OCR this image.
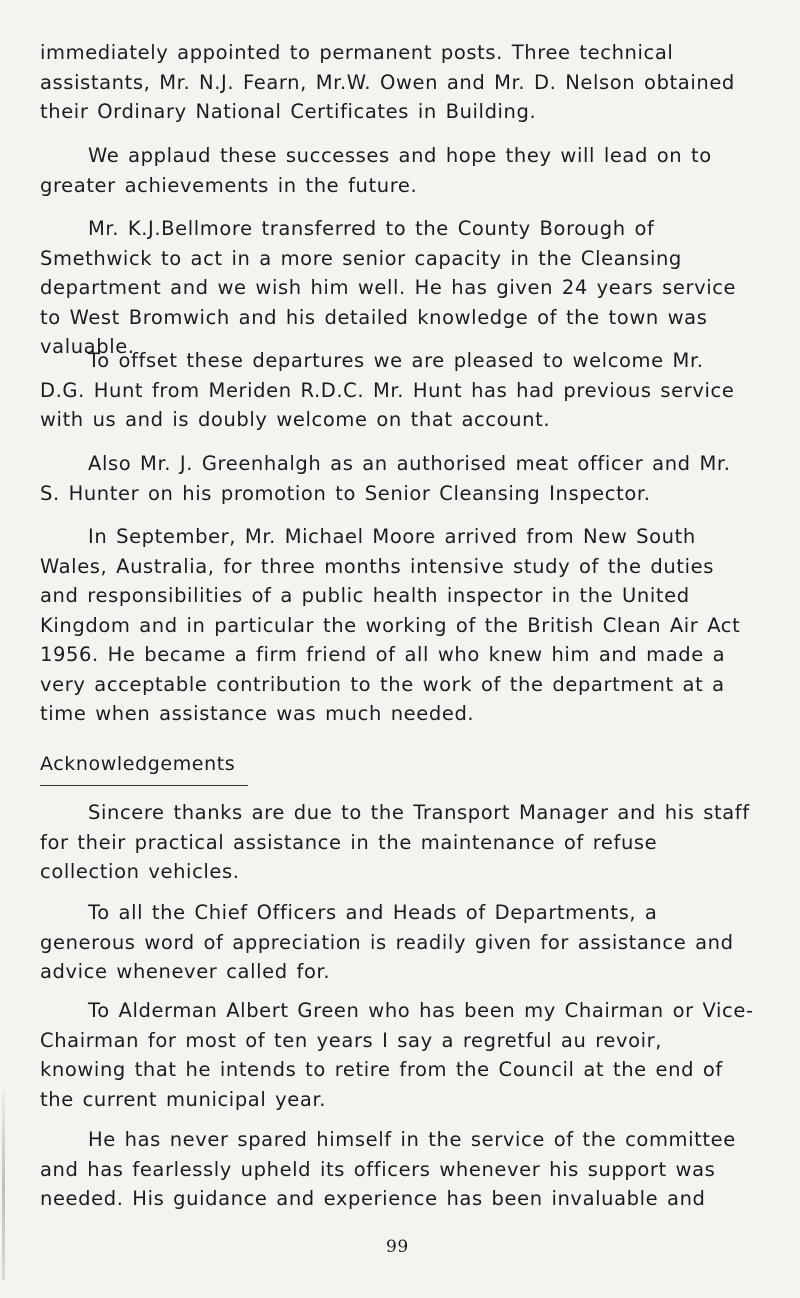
immediately appointed to permanent posts. Three technical assistants, Mr. N.J. Fearn, Mr.W. Owen and Mr. D. Nelson obtained their Ordinary National Certificates in Building.

We applaud these successes and hope they will lead on to greater achievements in the future.

Mr. K.J.Bellmore transferred to the County Borough of Smethwick to act in a more senior capacity in the Cleansing department and we wish him well. He has given 24 years service to West Bromwich and his detailed knowledge of the town was valuable.

To offset these departures we are pleased to welcome Mr. D.G. Hunt from Meriden R.D.C. Mr. Hunt has had previous service with us and is doubly welcome on that account.

Also Mr. J. Greenhalgh as an authorised meat officer and Mr. S. Hunter on his promotion to Senior Cleansing Inspector.

In September, Mr. Michael Moore arrived from New South Wales, Australia, for three months intensive study of the duties and responsibilities of a public health inspector in the United Kingdom and in particular the working of the British Clean Air Act 1956. He became a firm friend of all who knew him and made a very acceptable contribution to the work of the department at a time when assistance was much needed.

Acknowledgements

Sincere thanks are due to the Transport Manager and his staff for their practical assistance in the maintenance of refuse collection vehicles.

To all the Chief Officers and Heads of Departments, a generous word of appreciation is readily given for assistance and advice whenever called for.

To Alderman Albert Green who has been my Chairman or Vice-Chairman for most of ten years I say a regretful au revoir, knowing that he intends to retire from the Council at the end of the current municipal year.

He has never spared himself in the service of the committee and has fearlessly upheld its officers whenever his support was needed. His guidance and experience has been invaluable and

99
